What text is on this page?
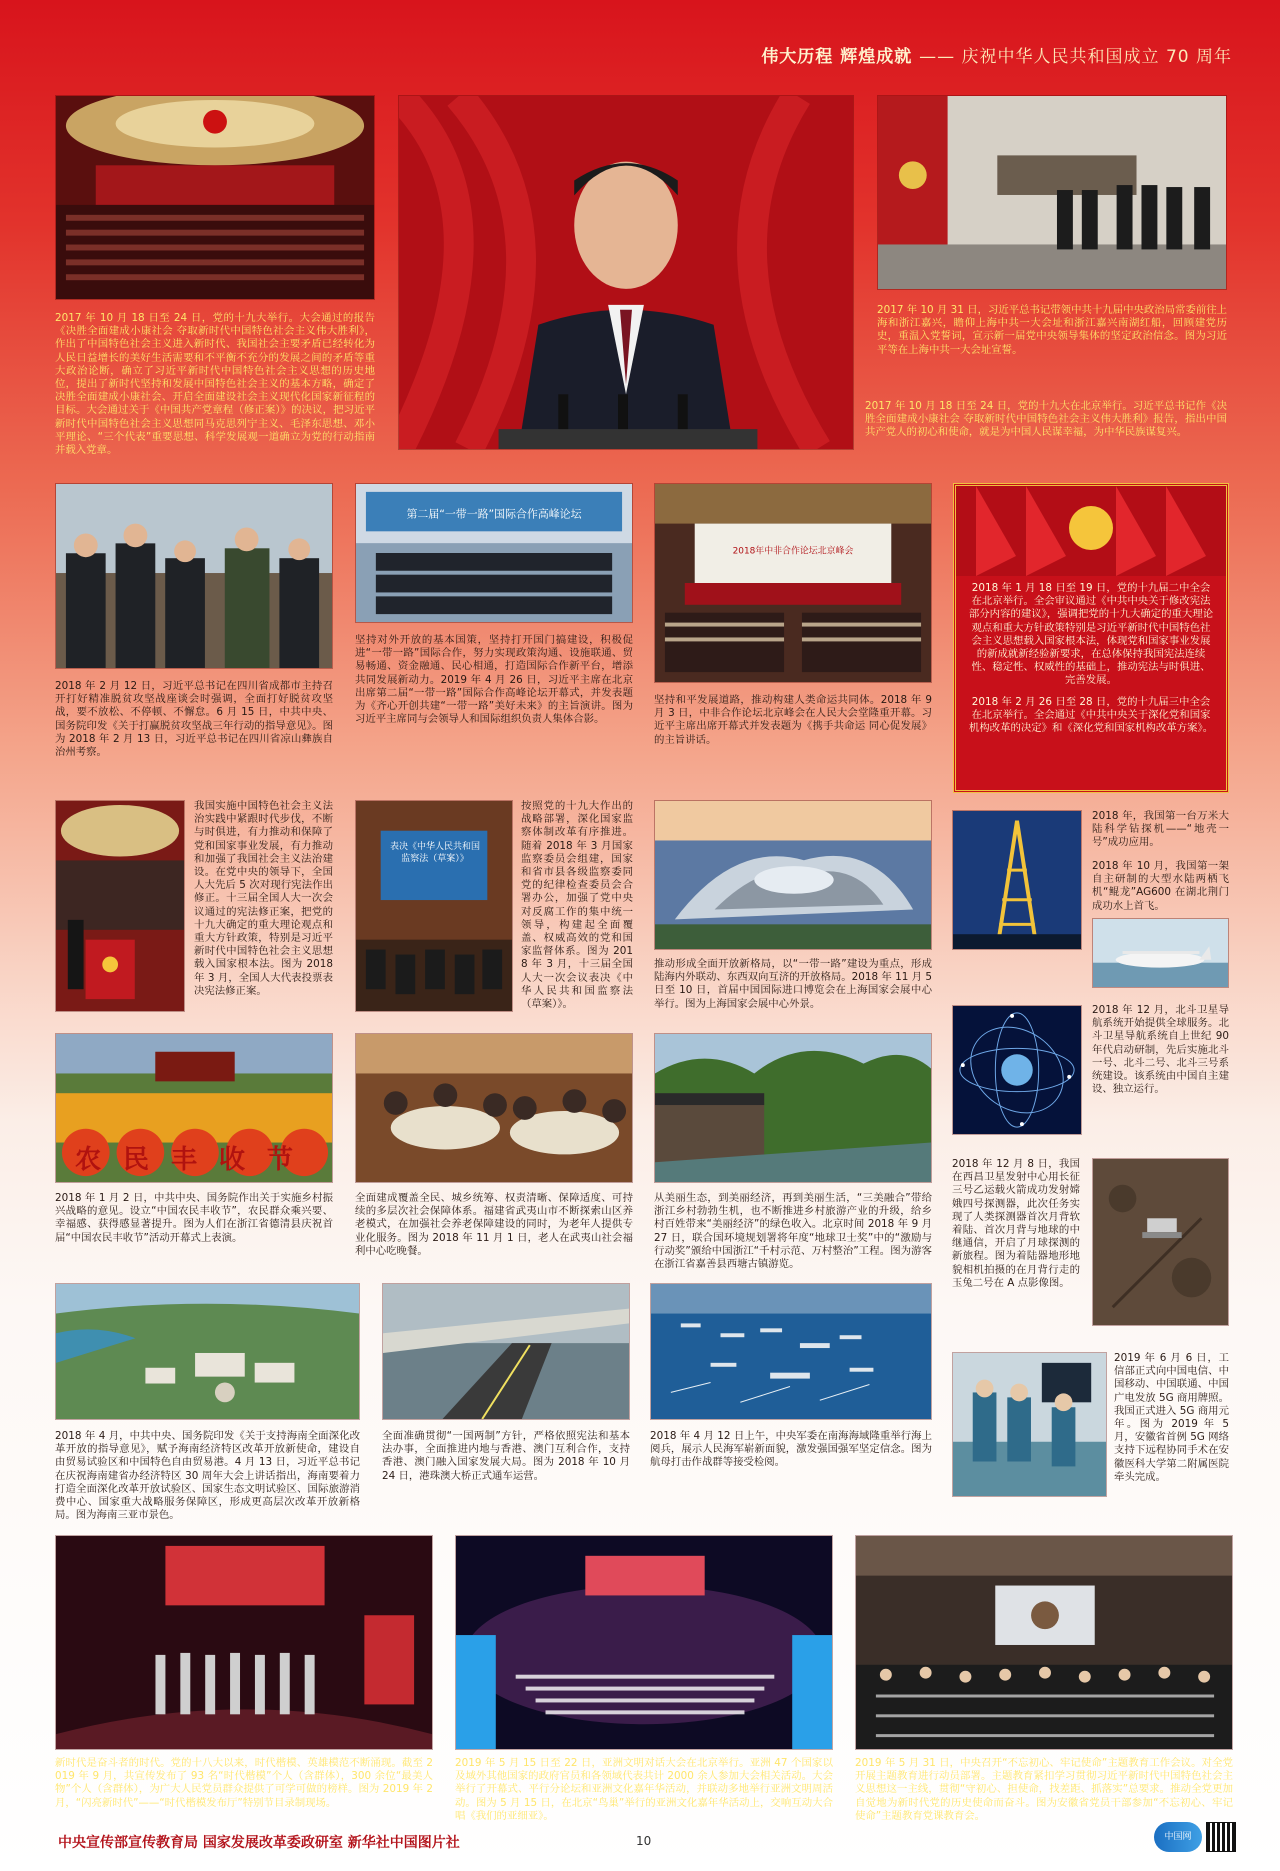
伟大历程 辉煌成就 —— 庆祝中华人民共和国成立 70 周年

2017 年 10 月 18 日至 24 日，党的十九大举行。大会通过的报告《决胜全面建成小康社会 夺取新时代中国特色社会主义伟大胜利》，作出了中国特色社会主义进入新时代、我国社会主要矛盾已经转化为人民日益增长的美好生活需要和不平衡不充分的发展之间的矛盾等重大政治论断，确立了习近平新时代中国特色社会主义思想的历史地位，提出了新时代坚持和发展中国特色社会主义的基本方略，确定了决胜全面建成小康社会、开启全面建设社会主义现代化国家新征程的目标。大会通过关于《中国共产党章程（修正案）》的决议，把习近平新时代中国特色社会主义思想同马克思列宁主义、毛泽东思想、邓小平理论、“三个代表”重要思想、科学发展观一道确立为党的行动指南并载入党章。

2017 年 10 月 31 日，习近平总书记带领中共十九届中央政治局常委前往上海和浙江嘉兴，瞻仰上海中共一大会址和浙江嘉兴南湖红船，回顾建党历史，重温入党誓词，宣示新一届党中央领导集体的坚定政治信念。图为习近平等在上海中共一大会址宣誓。

2017 年 10 月 18 日至 24 日，党的十九大在北京举行。习近平总书记作《决胜全面建成小康社会 夺取新时代中国特色社会主义伟大胜利》报告，指出中国共产党人的初心和使命，就是为中国人民谋幸福，为中华民族谋复兴。

第二届“一带一路”国际合作高峰论坛
2018年中非合作论坛北京峰会

2018 年 1 月 18 日至 19 日，党的十九届二中全会在北京举行。全会审议通过《中共中央关于修改宪法部分内容的建议》，强调把党的十九大确定的重大理论观点和重大方针政策特别是习近平新时代中国特色社会主义思想载入国家根本法，体现党和国家事业发展的新成就新经验新要求，在总体保持我国宪法连续性、稳定性、权威性的基础上，推动宪法与时俱进、完善发展。

2018 年 2 月 26 日至 28 日，党的十九届三中全会在北京举行。全会通过《中共中央关于深化党和国家机构改革的决定》和《深化党和国家机构改革方案》。

2018 年 2 月 12 日，习近平总书记在四川省成都市主持召开打好精准脱贫攻坚战座谈会时强调，全面打好脱贫攻坚战，要不放松、不停顿、不懈怠。6 月 15 日，中共中央、国务院印发《关于打赢脱贫攻坚战三年行动的指导意见》。图为 2018 年 2 月 13 日，习近平总书记在四川省凉山彝族自治州考察。

坚持对外开放的基本国策，坚持打开国门搞建设，积极促进“一带一路”国际合作，努力实现政策沟通、设施联通、贸易畅通、资金融通、民心相通，打造国际合作新平台，增添共同发展新动力。2019 年 4 月 26 日，习近平主席在北京出席第二届“一带一路”国际合作高峰论坛开幕式，并发表题为《齐心开创共建“一带一路”美好未来》的主旨演讲。图为习近平主席同与会领导人和国际组织负责人集体合影。

坚持和平发展道路，推动构建人类命运共同体。2018 年 9 月 3 日，中非合作论坛北京峰会在人民大会堂隆重开幕。习近平主席出席开幕式并发表题为《携手共命运 同心促发展》的主旨讲话。

我国实施中国特色社会主义法治实践中紧跟时代步伐，不断与时俱进，有力推动和保障了党和国家事业发展，有力推动和加强了我国社会主义法治建设。在党中央的领导下，全国人大先后 5 次对现行宪法作出修正。十三届全国人大一次会议通过的宪法修正案，把党的十九大确定的重大理论观点和重大方针政策，特别是习近平新时代中国特色社会主义思想载入国家根本法。图为 2018 年 3 月，全国人大代表投票表决宪法修正案。

表决《中华人民共和国监察法（草案）》

按照党的十九大作出的战略部署，深化国家监察体制改革有序推进。随着 2018 年 3 月国家监察委员会组建，国家和省市县各级监察委同党的纪律检查委员会合署办公，加强了党中央对反腐工作的集中统一领导，构建起全面覆盖、权威高效的党和国家监督体系。图为 2018 年 3 月，十三届全国人大一次会议表决《中华人民共和国监察法（草案）》。

推动形成全面开放新格局，以“一带一路”建设为重点，形成陆海内外联动、东西双向互济的开放格局。2018 年 11 月 5 日至 10 日，首届中国国际进口博览会在上海国家会展中心举行。图为上海国家会展中心外景。

2018 年，我国第一台万米大陆科学钻探机——“地壳一号”成功应用。

2018 年 10 月，我国第一架自主研制的大型水陆两栖飞机“鲲龙”AG600 在湖北荆门成功水上首飞。

农民丰收节

2018 年 12 月，北斗卫星导航系统开始提供全球服务。北斗卫星导航系统自上世纪 90 年代启动研制，先后实施北斗一号、北斗二号、北斗三号系统建设。该系统由中国自主建设、独立运行。

2018 年 1 月 2 日，中共中央、国务院作出关于实施乡村振兴战略的意见。设立“中国农民丰收节”，农民群众乘兴要、幸福感、获得感显著提升。图为人们在浙江省德清县庆祝首届“中国农民丰收节”活动开幕式上表演。

全面建成覆盖全民、城乡统筹、权责清晰、保障适度、可持续的多层次社会保障体系。福建省武夷山市不断探索山区养老模式，在加强社会养老保障建设的同时，为老年人提供专业化服务。图为 2018 年 11 月 1 日，老人在武夷山社会福利中心吃晚餐。

从美丽生态，到美丽经济，再到美丽生活，“三美融合”带给浙江乡村勃勃生机，也不断推进乡村旅游产业的升级，给乡村百姓带来“美丽经济”的绿色收入。北京时间 2018 年 9 月 27 日，联合国环境规划署将年度“地球卫士奖”中的“激励与行动奖”颁给中国浙江“千村示范、万村整治”工程。图为游客在浙江省嘉善县西塘古镇游览。

2018 年 12 月 8 日，我国在西昌卫星发射中心用长征三号乙运载火箭成功发射嫦娥四号探测器，此次任务实现了人类探测器首次月背软着陆、首次月背与地球的中继通信，开启了月球探测的新旅程。图为着陆器地形地貌相机拍摄的在月背行走的玉兔二号在 A 点影像图。

2018 年 4 月，中共中央、国务院印发《关于支持海南全面深化改革开放的指导意见》，赋予海南经济特区改革开放新使命，建设自由贸易试验区和中国特色自由贸易港。4 月 13 日，习近平总书记在庆祝海南建省办经济特区 30 周年大会上讲话指出，海南要着力打造全面深化改革开放试验区、国家生态文明试验区、国际旅游消费中心、国家重大战略服务保障区，形成更高层次改革开放新格局。图为海南三亚市景色。

全面准确贯彻“一国两制”方针，严格依照宪法和基本法办事，全面推进内地与香港、澳门互利合作，支持香港、澳门融入国家发展大局。图为 2018 年 10 月 24 日，港珠澳大桥正式通车运营。

2018 年 4 月 12 日上午，中央军委在南海海域隆重举行海上阅兵，展示人民海军崭新面貌，激发强国强军坚定信念。图为航母打击作战群等接受检阅。

2019 年 6 月 6 日，工信部正式向中国电信、中国移动、中国联通、中国广电发放 5G 商用牌照。我国正式进入 5G 商用元年。图为 2019 年 5 月，安徽省首例 5G 网络支持下远程协同手术在安徽医科大学第二附属医院牵头完成。

新时代是奋斗者的时代。党的十八大以来，时代楷模、英雄模范不断涌现。截至 2019 年 9 月，共宣传发布了 93 名“时代楷模”个人（含群体），300 余位“最美人物”个人（含群体），为广大人民党员群众提供了可学可做的榜样。图为 2019 年 2 月，“闪亮新时代”——“时代楷模发布厅”特别节目录制现场。

2019 年 5 月 15 日至 22 日，亚洲文明对话大会在北京举行。亚洲 47 个国家以及域外其他国家的政府官员和各领域代表共计 2000 余人参加大会相关活动。大会举行了开幕式、平行分论坛和亚洲文化嘉年华活动，并联动多地举行亚洲文明周活动。图为 5 月 15 日，在北京“鸟巢”举行的亚洲文化嘉年华活动上，交响互动大合唱《我们的亚细亚》。

2019 年 5 月 31 日，中央召开“不忘初心、牢记使命”主题教育工作会议。对全党开展主题教育进行动员部署。主题教育紧扣学习贯彻习近平新时代中国特色社会主义思想这一主线，贯彻“守初心、担使命，找差距、抓落实”总要求。推动全党更加自觉地为新时代党的历史使命而奋斗。图为安徽省党员干部参加“不忘初心、牢记使命”主题教育党课教育会。

中央宣传部宣传教育局 国家发展改革委政研室 新华社中国图片社	10	中国网
